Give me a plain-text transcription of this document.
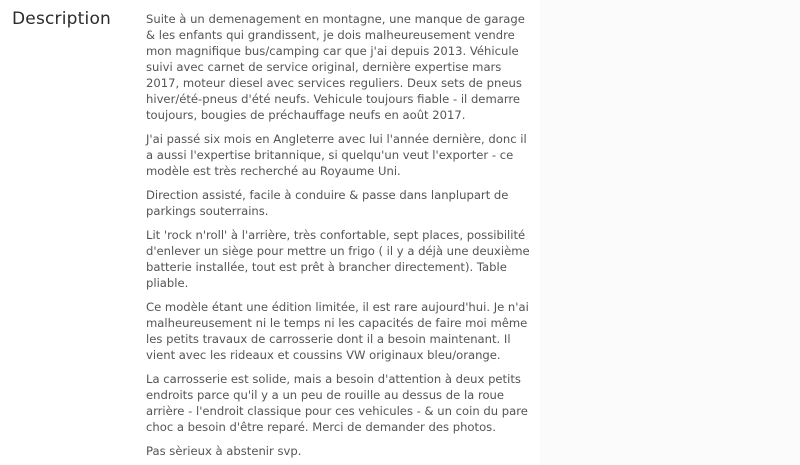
Description	Suite à un demenagement en montagne, une manque de garage & les enfants qui grandissent, je dois malheureusement vendre mon magnifique bus/camping car que j'ai depuis 2013. Véhicule suivi avec carnet de service original, dernière expertise mars 2017, moteur diesel avec services reguliers. Deux sets de pneus hiver/été-pneus d'été neufs. Vehicule toujours fiable - il demarre toujours, bougies de préchauffage neufs en août 2017.

J'ai passé six mois en Angleterre avec lui l'année dernière, donc il a aussi l'expertise britannique, si quelqu'un veut l'exporter - ce modèle est très recherché au Royaume Uni.

Direction assisté, facile à conduire & passe dans lanplupart de parkings souterrains.

Lit 'rock n'roll' à l'arrière, très confortable, sept places, possibilité d'enlever un siège pour mettre un frigo ( il y a déjà une deuxième batterie installée, tout est prêt à brancher directement). Table pliable.

Ce modèle étant une édition limitée, il est rare aujourd'hui. Je n'ai malheureusement ni le temps ni les capacités de faire moi même les petits travaux de carrosserie dont il a besoin maintenant. Il vient avec les rideaux et coussins VW originaux bleu/orange.

La carrosserie est solide, mais a besoin d'attention à deux petits endroits parce qu'il y a un peu de rouille au dessus de la roue arrière - l'endroit classique pour ces vehicules - & un coin du pare choc a besoin d'être reparé. Merci de demander des photos.

Pas sèrieux à abstenir svp.
